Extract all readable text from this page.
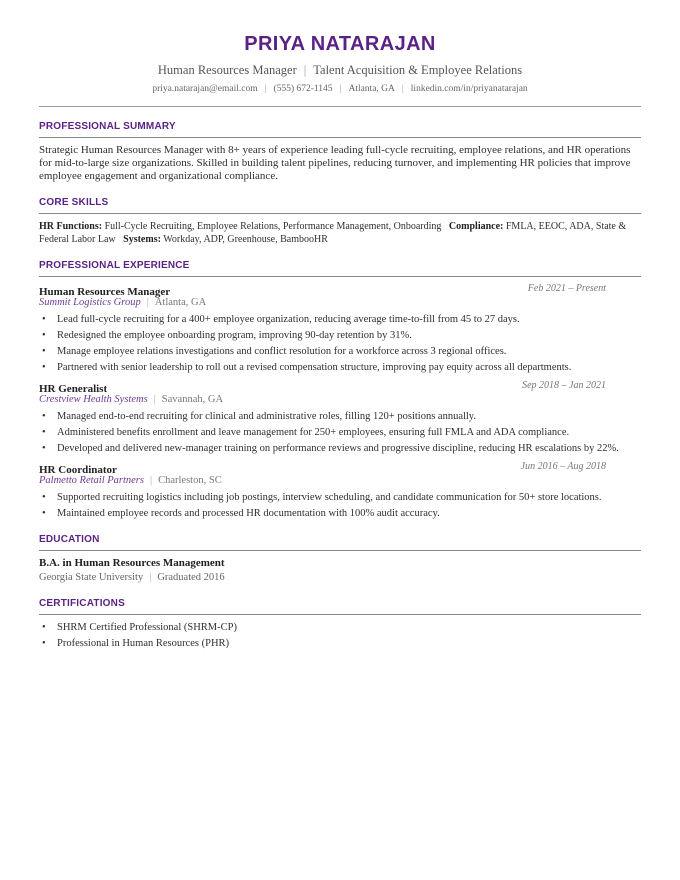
PRIYA NATARAJAN
Human Resources Manager | Talent Acquisition & Employee Relations
priya.natarajan@email.com | (555) 672-1145 | Atlanta, GA | linkedin.com/in/priyanatarajan
PROFESSIONAL SUMMARY
Strategic Human Resources Manager with 8+ years of experience leading full-cycle recruiting, employee relations, and HR operations for mid-to-large size organizations. Skilled in building talent pipelines, reducing turnover, and implementing HR policies that improve employee engagement and organizational compliance.
CORE SKILLS
HR Functions: Full-Cycle Recruiting, Employee Relations, Performance Management, Onboarding Compliance: FMLA, EEOC, ADA, State & Federal Labor Law Systems: Workday, ADP, Greenhouse, BambooHR
PROFESSIONAL EXPERIENCE
Human Resources Manager	Feb 2021 – Present
Summit Logistics Group | Atlanta, GA
• Lead full-cycle recruiting for a 400+ employee organization, reducing average time-to-fill from 45 to 27 days.
• Redesigned the employee onboarding program, improving 90-day retention by 31%.
• Manage employee relations investigations and conflict resolution for a workforce across 3 regional offices.
• Partnered with senior leadership to roll out a revised compensation structure, improving pay equity across all departments.
HR Generalist	Sep 2018 – Jan 2021
Crestview Health Systems | Savannah, GA
• Managed end-to-end recruiting for clinical and administrative roles, filling 120+ positions annually.
• Administered benefits enrollment and leave management for 250+ employees, ensuring full FMLA and ADA compliance.
• Developed and delivered new-manager training on performance reviews and progressive discipline, reducing HR escalations by 22%.
HR Coordinator	Jun 2016 – Aug 2018
Palmetto Retail Partners | Charleston, SC
• Supported recruiting logistics including job postings, interview scheduling, and candidate communication for 50+ store locations.
• Maintained employee records and processed HR documentation with 100% audit accuracy.
EDUCATION
B.A. in Human Resources Management
Georgia State University | Graduated 2016
CERTIFICATIONS
• SHRM Certified Professional (SHRM-CP)
• Professional in Human Resources (PHR)
